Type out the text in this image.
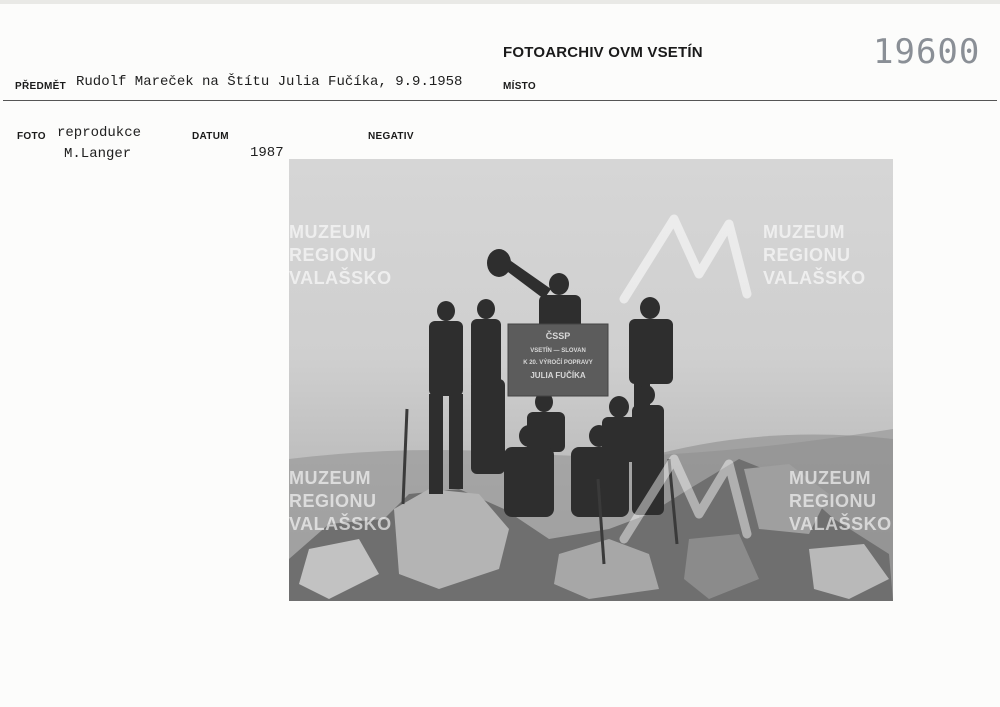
FOTOARCHIV OVM VSETÍN	19600
PŘEDMĚT Rudolf Mareček na Štítu Julia Fučíka, 9.9.1958	MÍSTO
FOTO reprodukce
M.Langer
DATUM
1987
NEGATIV
ČSSP
VSETÍN — SLOVAN
K 20. VÝROČÍ POPRAVY
JULIA FUČÍKA
MUZEUM
REGIONU
VALAŠSKO
MUZEUM
REGIONU
VALAŠSKO
MUZEUM
REGIONU
VALAŠSKO
MUZEUM
REGIONU
VALAŠSKO
